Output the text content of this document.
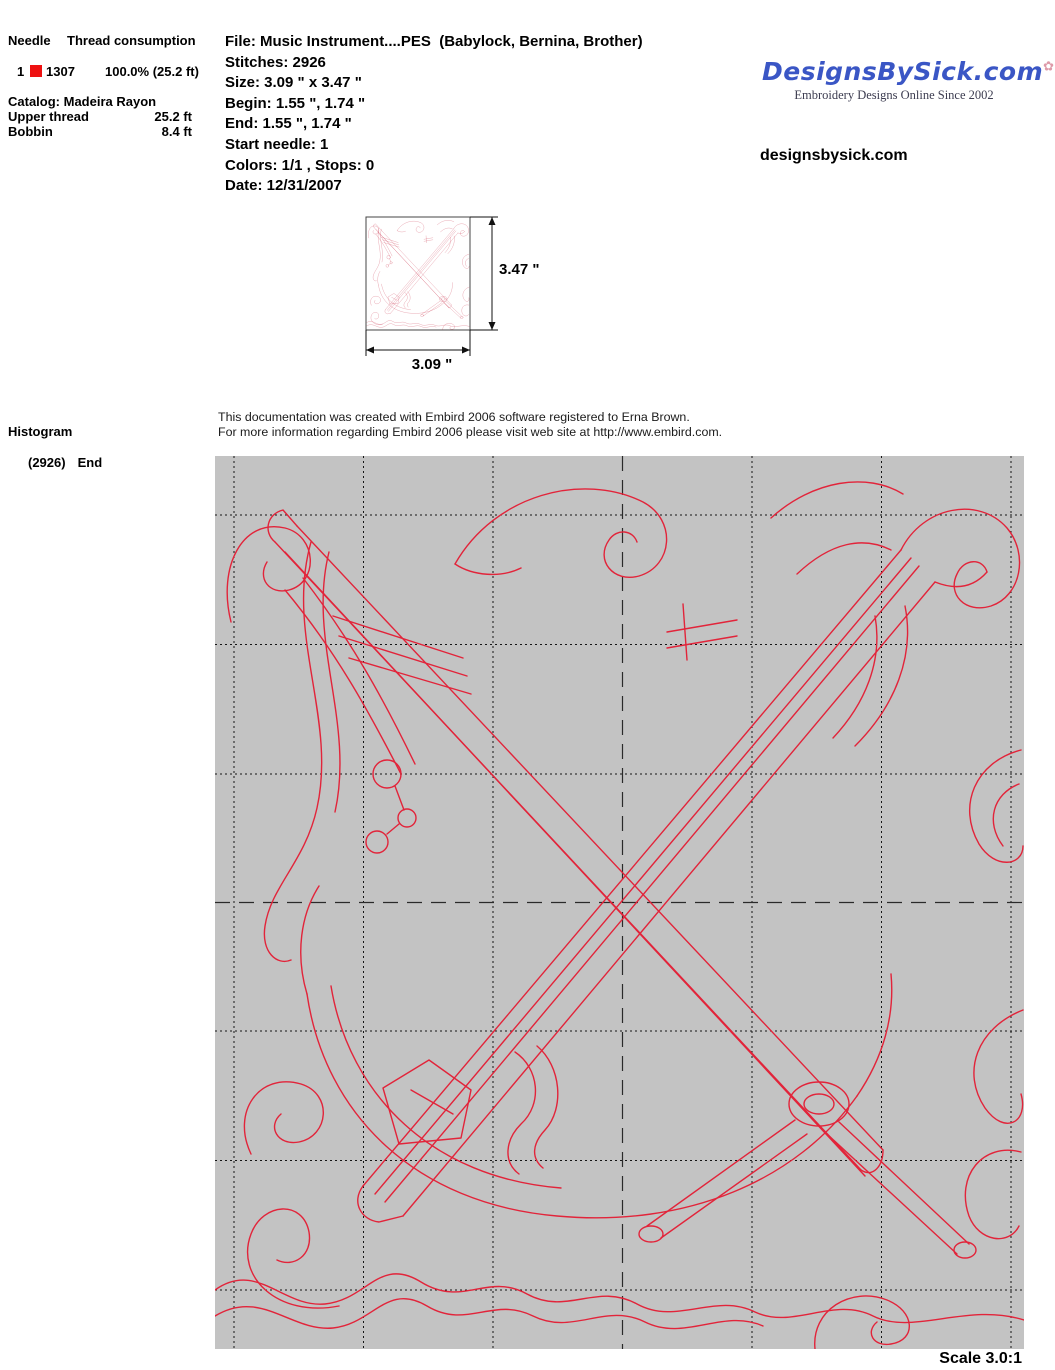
Needle Thread consumption
1 1307 100.0% (25.2 ft)
Catalog: Madeira Rayon
Upper thread	25.2 ft
Bobbin	8.4 ft
File: Music Instrument....PES  (Babylock, Bernina, Brother)
Stitches: 2926
Size: 3.09 " x 3.47 "
Begin: 1.55 ", 1.74 "
End: 1.55 ", 1.74 "
Start needle: 1
Colors: 1/1 , Stops: 0
Date: 12/31/2007
DesignsBySick.com✿
Embroidery Designs Online Since 2002
designsbysick.com
3.47 "
3.09 "
Histogram
(2926) End
This documentation was created with Embird 2006 software registered to Erna Brown.
For more information regarding Embird 2006 please visit web site at http://www.embird.com.
Scale 3.0:1
